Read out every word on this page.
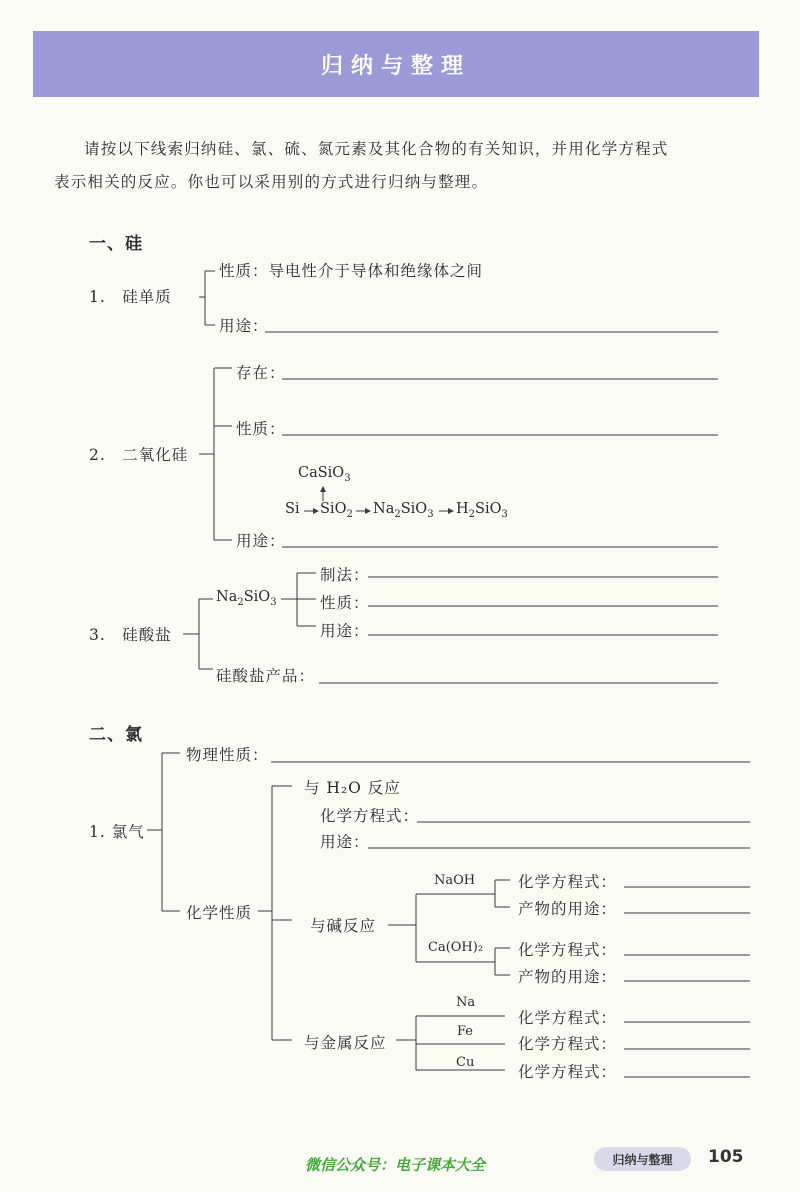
归纳与整理

请按以下线索归纳硅、氯、硫、氮元素及其化合物的有关知识，并用化学方程式

表示相关的反应。你也可以采用别的方式进行归纳与整理。

一、硅
1.　硅单质
性质：导电性介于导体和绝缘体之间
用途：
2.　二氧化硅
存在：
性质：
用途：
CaSiO$_3$
Si SiO$_2$ $Na_2SiO_3$ $H_2SiO_3$
3.　硅酸盐
$Na_2SiO_3$
制法：
性质：
用途：
硅酸盐产品：
二、氯
1. 氯气
物理性质：
化学性质
与 H₂O 反应
化学方程式：
用途：
与碱反应
NaOH
Ca(OH)₂
化学方程式：
产物的用途：
化学方程式：
产物的用途：
与金属反应
Na
Fe
Cu
化学方程式：
化学方程式：
化学方程式：
微信公众号：电子课本大全	归纳与整理 105
